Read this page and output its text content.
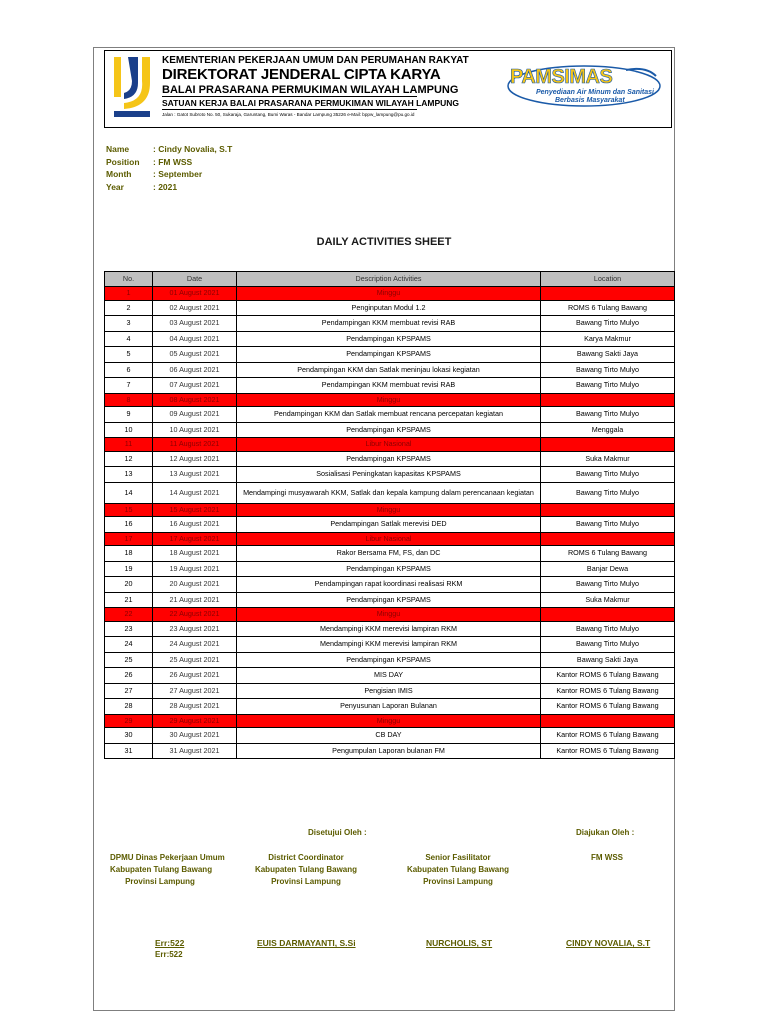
KEMENTERIAN PEKERJAAN UMUM DAN PERUMAHAN RAKYAT
DIREKTORAT JENDERAL CIPTA KARYA
BALAI PRASARANA PERMUKIMAN WILAYAH LAMPUNG
SATUAN KERJA BALAI PRASARANA PERMUKIMAN WILAYAH LAMPUNG
Jalan : Gatot Subroto No. 50, Sukaraja, Garuntang, Bumi Waras - Bandar Lampung 35226 e-Mail: bppw_lampung@pu.go.id
PAMSIMAS
Penyediaan Air Minum dan Sanitasi
Berbasis Masyarakat
Name	: Cindy Novalia, S.T
Position : FM WSS
Month	: September
Year	: 2021
DAILY ACTIVITIES SHEET
No.	Date	Description Activities	Location
1	01 August 2021	Minggu	
2	02 August 2021	Penginputan Modul 1.2	ROMS 6 Tulang Bawang
3	03 August 2021	Pendampingan KKM membuat revisi RAB	Bawang Tirto Mulyo
4	04 August 2021	Pendampingan KPSPAMS	Karya Makmur
5	05 August 2021	Pendampingan KPSPAMS	Bawang Sakti Jaya
6	06 August 2021	Pendampingan KKM dan Satlak meninjau lokasi kegiatan	Bawang Tirto Mulyo
7	07 August 2021	Pendampingan KKM membuat revisi RAB	Bawang Tirto Mulyo
8	08 August 2021	Minggu	
9	09 August 2021	Pendampingan KKM dan Satlak membuat rencana percepatan kegiatan	Bawang Tirto Mulyo
10	10 August 2021	Pendampingan KPSPAMS	Menggala
11	11 August 2021	Libur Nasional	
12	12 August 2021	Pendampingan KPSPAMS	Suka Makmur
13	13 August 2021	Sosialisasi Peningkatan kapasitas KPSPAMS	Bawang Tirto Mulyo
14	14 August 2021	Mendampingi musyawarah KKM, Satlak dan kepala kampung dalam perencanaan kegiatan	Bawang Tirto Mulyo
15	15 August 2021	Minggu	
16	16 August 2021	Pendampingan Satlak merevisi DED	Bawang Tirto Mulyo
17	17 August 2021	Libur Nasional	
18	18 August 2021	Rakor Bersama FM, FS, dan DC	ROMS 6 Tulang Bawang
19	19 August 2021	Pendampingan KPSPAMS	Banjar Dewa
20	20 August 2021	Pendampingan rapat koordinasi realisasi RKM	Bawang Tirto Mulyo
21	21 August 2021	Pendampingan KPSPAMS	Suka Makmur
22	22 August 2021	Minggu	
23	23 August 2021	Mendampingi KKM merevisi lampiran RKM	Bawang Tirto Mulyo
24	24 August 2021	Mendampingi KKM merevisi lampiran RKM	Bawang Tirto Mulyo
25	25 August 2021	Pendampingan KPSPAMS	Bawang Sakti Jaya
26	26 August 2021	MIS DAY	Kantor ROMS 6 Tulang Bawang
27	27 August 2021	Pengisian IMIS	Kantor ROMS 6 Tulang Bawang
28	28 August 2021	Penyusunan Laporan Bulanan	Kantor ROMS 6 Tulang Bawang
29	29 August 2021	Minggu	
30	30 August 2021	CB DAY	Kantor ROMS 6 Tulang Bawang
31	31 August 2021	Pengumpulan Laporan bulanan FM	Kantor ROMS 6 Tulang Bawang
Disetujui Oleh :	Diajukan Oleh :
DPMU Dinas Pekerjaan Umum
Kabupaten Tulang Bawang
Provinsi Lampung
District Coordinator
Kabupaten Tulang Bawang
Provinsi Lampung
Senior Fasilitator
Kabupaten Tulang Bawang
Provinsi Lampung
FM WSS
Err:522
Err:522
EUIS DARMAYANTI, S.Si	NURCHOLIS, ST	CINDY NOVALIA, S.T
